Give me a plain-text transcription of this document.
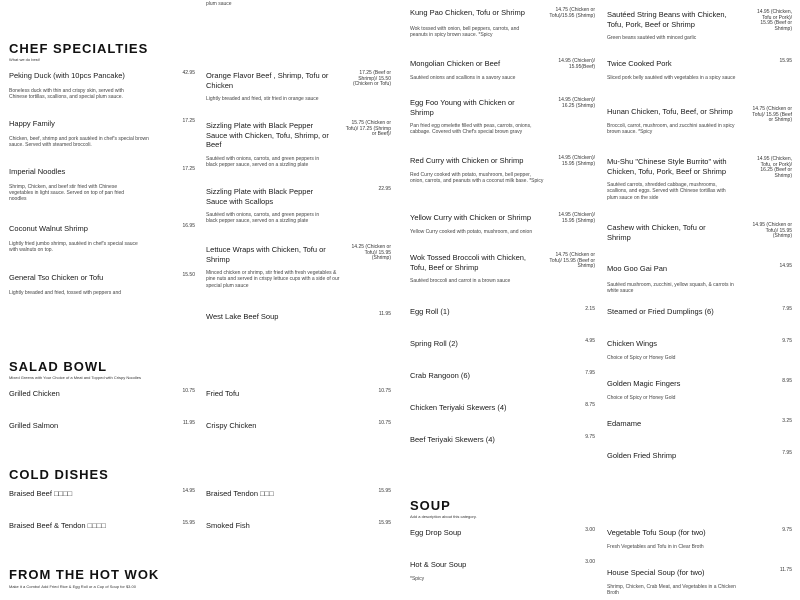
CHEF SPECIALTIES
What we do best!
Peking Duck (with 10pcs Pancake)
Boneless duck with thin and crispy skin, served with Chinese tortillas, scallions, and special plum sauce.
42.95
Happy Family
Chicken, beef, shrimp and pork sautéed in chef's special brown sauce. Served with steamed broccoli.
17.25
Imperial Noodles
Shrimp, Chicken, and beef stir fried with Chinese vegetables in light sauce. Served on top of pan fried noodles
17.25
Coconut Walnut Shrimp
Lightly fried jumbo shrimp, sautéed in chef's special sauce with walnuts on top.
16.95
General Tso Chicken or Tofu
Lightly breaded and fried, tossed with peppers and
15.50
SALAD BOWL
Mixed Greens with Your Choice of a Meat and Topped with Crispy Noodles
Grilled Chicken	10.75
Grilled Salmon	11.95
COLD DISHES
Braised Beef □□□□	14.95
Braised Beef & Tendon □□□□	15.95
FROM THE HOT WOK
Make it a Combo! Add Fried Rice & Egg Roll or a Cup of Soup for $3.00
plum sauce
Orange Flavor Beef , Shrimp, Tofu or Chicken
Lightly breaded and fried, stir fried in orange sauce
17.25 (Beef or Shrimp)/ 15.50 (Chicken or Tofu)
Sizzling Plate with Black Pepper Sauce with Chicken, Tofu, Shrimp, or Beef
Sautéed with onions, carrots, and green peppers in black pepper sauce, served on a sizzling plate
15.75 (Chicken or Tofu)/ 17.25 (Shrimp or Beef)/
Sizzling Plate with Black Pepper Sauce with Scallops
Sautéed with onions, carrots, and green peppers in black pepper sauce, served on a sizzling plate
22.95
Lettuce Wraps with Chicken, Tofu or Shrimp
Minced chicken or shrimp, stir fried with fresh vegetables & pine nuts and served in crispy lettuce cups with a side of our special plum sauce
14.25 (Chicken or Tofu)/ 15.95 (Shrimp)
West Lake Beef Soup	11.95
Fried Tofu	10.75
Crispy Chicken	10.75
Braised Tendon □□□	15.95
Smoked Fish	15.95
Kung Pao Chicken, Tofu or Shrimp
Wok tossed with onion, bell peppers, carrots, and peanuts in spicy brown sauce. *Spicy
14.75 (Chicken or Tofu)/15.95 (Shrimp)
Mongolian Chicken or Beef
Sautéed onions and scallions in a savory sauce
14.95 (Chicken)/ 15.95(Beef)
Egg Foo Young with Chicken or Shrimp
Pan fried egg omelette filled with peas, carrots, onions, cabbage. Covered with Chef's special brown gravy
14.95 (Chicken)/ 16.25 (Shrimp)
Red Curry with Chicken or Shrimp
Red Curry cooked with potato, mushroom, bell pepper, onion, carrots, and peanuts with a coconut milk base. *Spicy
14.95 (Chicken)/ 15.95 (Shrimp)
Yellow Curry with Chicken or Shrimp
Yellow Curry cooked with potato, mushroom, and onion
14.95 (Chicken)/ 15.95 (Shrimp)
Wok Tossed Broccoli with Chicken, Tofu, Beef or Shrimp
Sautéed broccoli and carrot in a brown sauce
14.75 (Chicken or Tofu)/ 15.95 (Beef or Shrimp)
Egg Roll (1)	2.15
Spring Roll (2)	4.95
Crab Rangoon (6)	7.95
Chicken Teriyaki Skewers (4)	8.75
Beef Teriyaki Skewers (4)	9.75
SOUP
Add a description about this category.
Egg Drop Soup	3.00
Hot & Sour Soup
*Spicy
3.00
Sautéed String Beans with Chicken, Tofu, Pork, Beef or Shrimp
Green beans sautéed with minced garlic
14.95 (Chicken, Tofu or Pork)/ 15.95 (Beef or Shrimp)
Twice Cooked Pork
Sliced pork belly sautéed with vegetables in a spicy sauce
15.95
Hunan Chicken, Tofu, Beef, or Shrimp
Broccoli, carrot, mushroom, and zucchini sautéed in spicy brown sauce. *Spicy
14.75 (Chicken or Tofu)/ 15.95 (Beef or Shrimp)
Mu-Shu "Chinese Style Burrito" with Chicken, Tofu, Pork, Beef or Shrimp
Sautéed carrots, shredded cabbage, mushrooms, scallions, and eggs. Served with Chinese tortillas with plum sauce on the side
14.95 (Chicken, Tofu, or Pork)/ 16.25 (Beef or Shrimp)
Cashew with Chicken, Tofu or Shrimp
14.95 (Chicken or Tofu)/ 15.95 (Shrimp)
Moo Goo Gai Pan
Sautéed mushroom, zucchini, yellow squash, & carrots in white sauce
14.95
Steamed or Fried Dumplings (6)	7.95
Chicken Wings
Choice of Spicy or Honey Gold
9.75
Golden Magic Fingers
Choice of Spicy or Honey Gold
8.95
Edamame	3.25
Golden Fried Shrimp	7.95
Vegetable Tofu Soup (for two)
Fresh Vegetables and Tofu in in Clear Broth
9.75
House Special Soup (for two)
Shrimp, Chicken, Crab Meat, and Vegetables in a Chicken Broth
11.75
